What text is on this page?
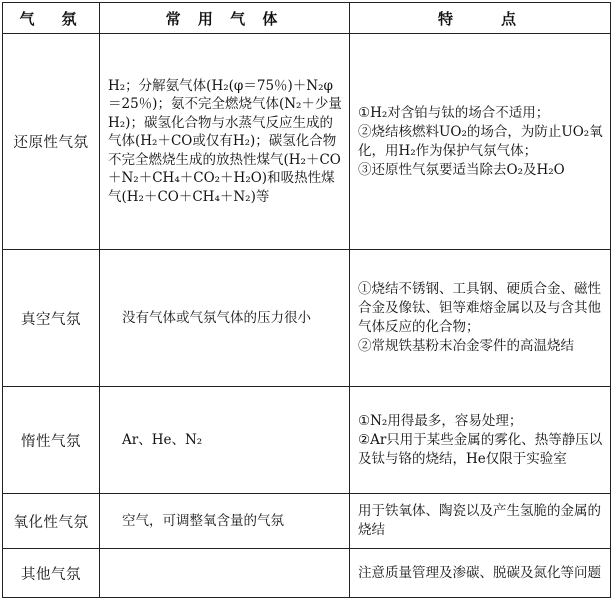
气　氛	常 用 气 体	特　　点
还原性气氛	H₂；分解氨气体(H₂(φ＝75％)＋N₂φ＝25％)；氨不完全燃烧气体(N₂＋少量H₂)；碳氢化合物与水蒸气反应生成的气体(H₂＋CO或仅有H₂)；碳氢化合物不完全燃烧生成的放热性煤气(H₂＋CO＋N₂＋CH₄＋CO₂＋H₂O)和吸热性煤气(H₂＋CO＋CH₄＋N₂)等	①H₂对含铂与钛的场合不适用；

②烧结核燃料UO₂的场合，为防止UO₂氧化，用H₂作为保护气氛气体；

③还原性气氛要适当除去O₂及H₂O

真空气氛	没有气体或气氛气体的压力很小	①烧结不锈钢、工具钢、硬质合金、磁性合金及像钛、钽等难熔金属以及与含其他气体反应的化合物；

②常规铁基粉末冶金零件的高温烧结

惰性气氛	Ar、He、N₂	①N₂用得最多，容易处理；

②Ar只用于某些金属的雾化、热等静压以及钛与铬的烧结，He仅限于实验室

氧化性气氛	空气，可调整氧含量的气氛	用于铁氧体、陶瓷以及产生氢脆的金属的烧结

其他气氛		注意质量管理及渗碳、脱碳及氮化等问题
